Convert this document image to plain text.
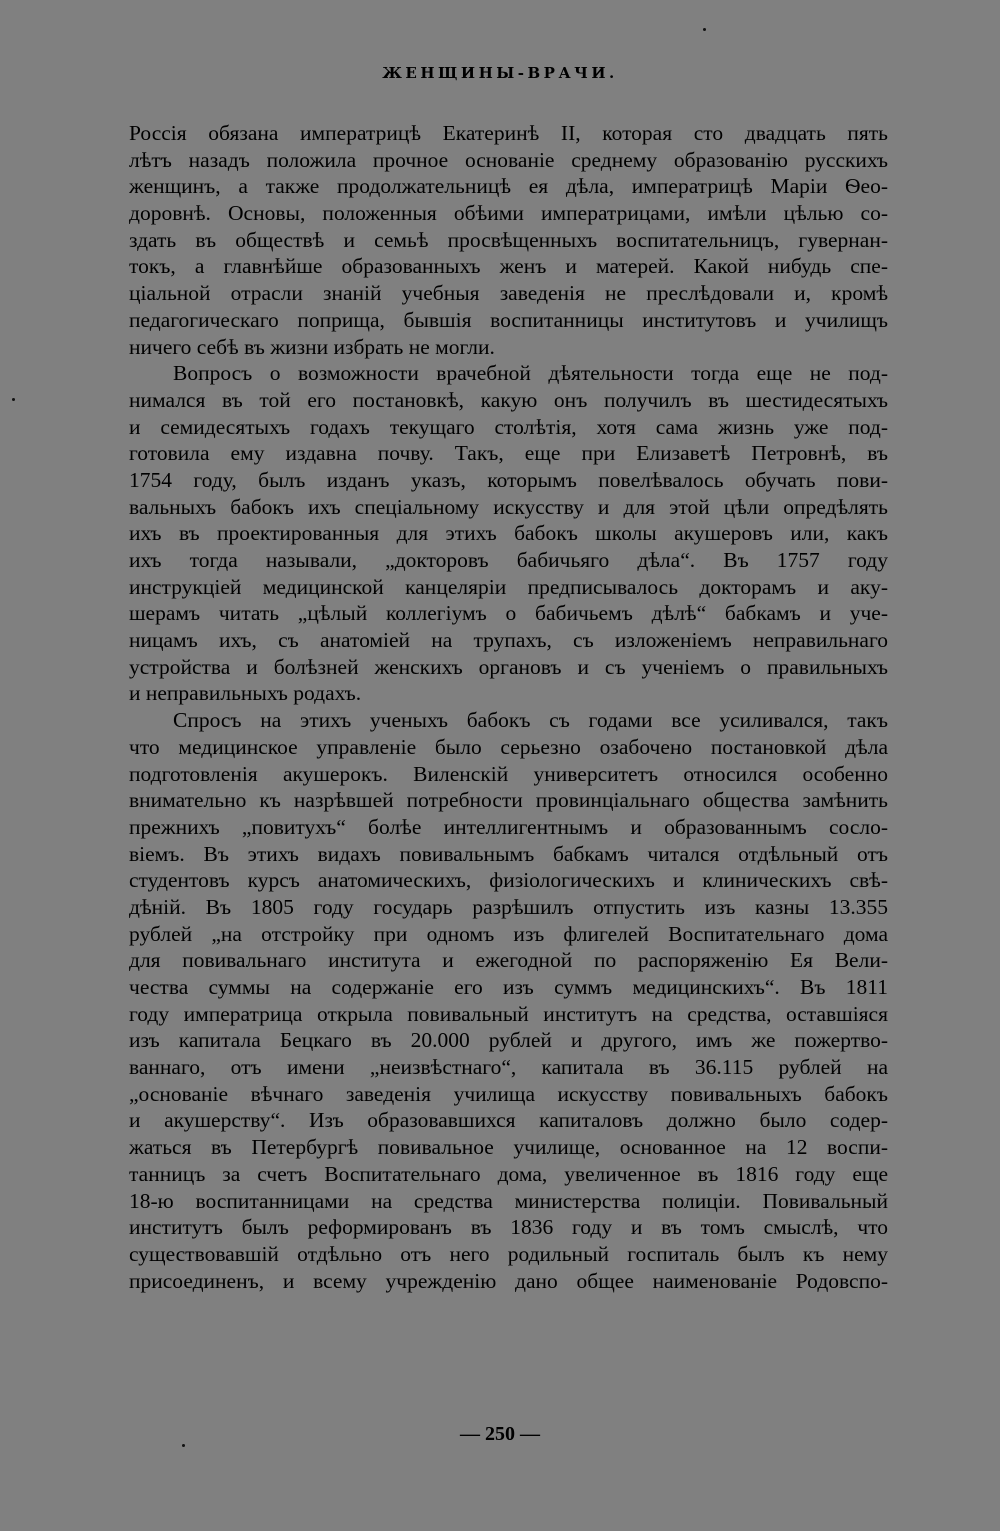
ЖЕНЩИНЫ-ВРАЧИ.
Россія обязана императрицѣ Екатеринѣ II, которая сто двадцать пять
лѣтъ назадъ положила прочное основаніе среднему образованію русскихъ
женщинъ, а также продолжательницѣ ея дѣла, императрицѣ Маріи Ѳео-
доровнѣ. Основы, положенныя обѣими императрицами, имѣли цѣлью со-
здать въ обществѣ и семьѣ просвѣщенныхъ воспитательницъ, гувернан-
токъ, а главнѣйше образованныхъ женъ и матерей. Какой нибудь спе-
ціальной отрасли знаній учебныя заведенія не преслѣдовали и, кромѣ
педагогическаго поприща, бывшія воспитанницы институтовъ и училищъ
ничего себѣ въ жизни избрать не могли.
Вопросъ о возможности врачебной дѣятельности тогда еще не под-
нимался въ той его постановкѣ, какую онъ получилъ въ шестидесятыхъ
и семидесятыхъ годахъ текущаго столѣтія, хотя сама жизнь уже под-
готовила ему издавна почву. Такъ, еще при Елизаветѣ Петровнѣ, въ
1754 году, былъ изданъ указъ, которымъ повелѣвалось обучать пови-
вальныхъ бабокъ ихъ спеціальному искусству и для этой цѣли опредѣлять
ихъ въ проектированныя для этихъ бабокъ школы акушеровъ или, какъ
ихъ тогда называли, „докторовъ бабичьяго дѣла“. Въ 1757 году
инструкціей медицинской канцеляріи предписывалось докторамъ и аку-
шерамъ читать „цѣлый коллегіумъ о бабичьемъ дѣлѣ“ бабкамъ и уче-
ницамъ ихъ, съ анатоміей на трупахъ, съ изложеніемъ неправильнаго
устройства и болѣзней женскихъ органовъ и съ ученіемъ о правильныхъ
и неправильныхъ родахъ.
Спросъ на этихъ ученыхъ бабокъ съ годами все усиливался, такъ
что медицинское управленіе было серьезно озабочено постановкой дѣла
подготовленія акушерокъ. Виленскій университетъ относился особенно
внимательно къ назрѣвшей потребности провинціальнаго общества замѣнить
прежнихъ „повитухъ“ болѣе интеллигентнымъ и образованнымъ сосло-
віемъ. Въ этихъ видахъ повивальнымъ бабкамъ читался отдѣльный отъ
студентовъ курсъ анатомическихъ, физіологическихъ и клиническихъ свѣ-
дѣній. Въ 1805 году государь разрѣшилъ отпустить изъ казны 13.355
рублей „на отстройку при одномъ изъ флигелей Воспитательнаго дома
для повивальнаго института и ежегодной по распоряженію Ея Вели-
чества суммы на содержаніе его изъ суммъ медицинскихъ“. Въ 1811
году императрица открыла повивальный институтъ на средства, оставшіяся
изъ капитала Бецкаго въ 20.000 рублей и другого, имъ же пожертво-
ваннаго, отъ имени „неизвѣстнаго“, капитала въ 36.115 рублей на
„основаніе вѣчнаго заведенія училища искусству повивальныхъ бабокъ
и акушерству“. Изъ образовавшихся капиталовъ должно было содер-
жаться въ Петербургѣ повивальное училище, основанное на 12 воспи-
танницъ за счетъ Воспитательнаго дома, увеличенное въ 1816 году еще
18-ю воспитанницами на средства министерства полиціи. Повивальный
институтъ былъ реформированъ въ 1836 году и въ томъ смыслѣ, что
существовавшій отдѣльно отъ него родильный госпиталь былъ къ нему
присоединенъ, и всему учрежденію дано общее наименованіе Родовспо-
— 250 —
